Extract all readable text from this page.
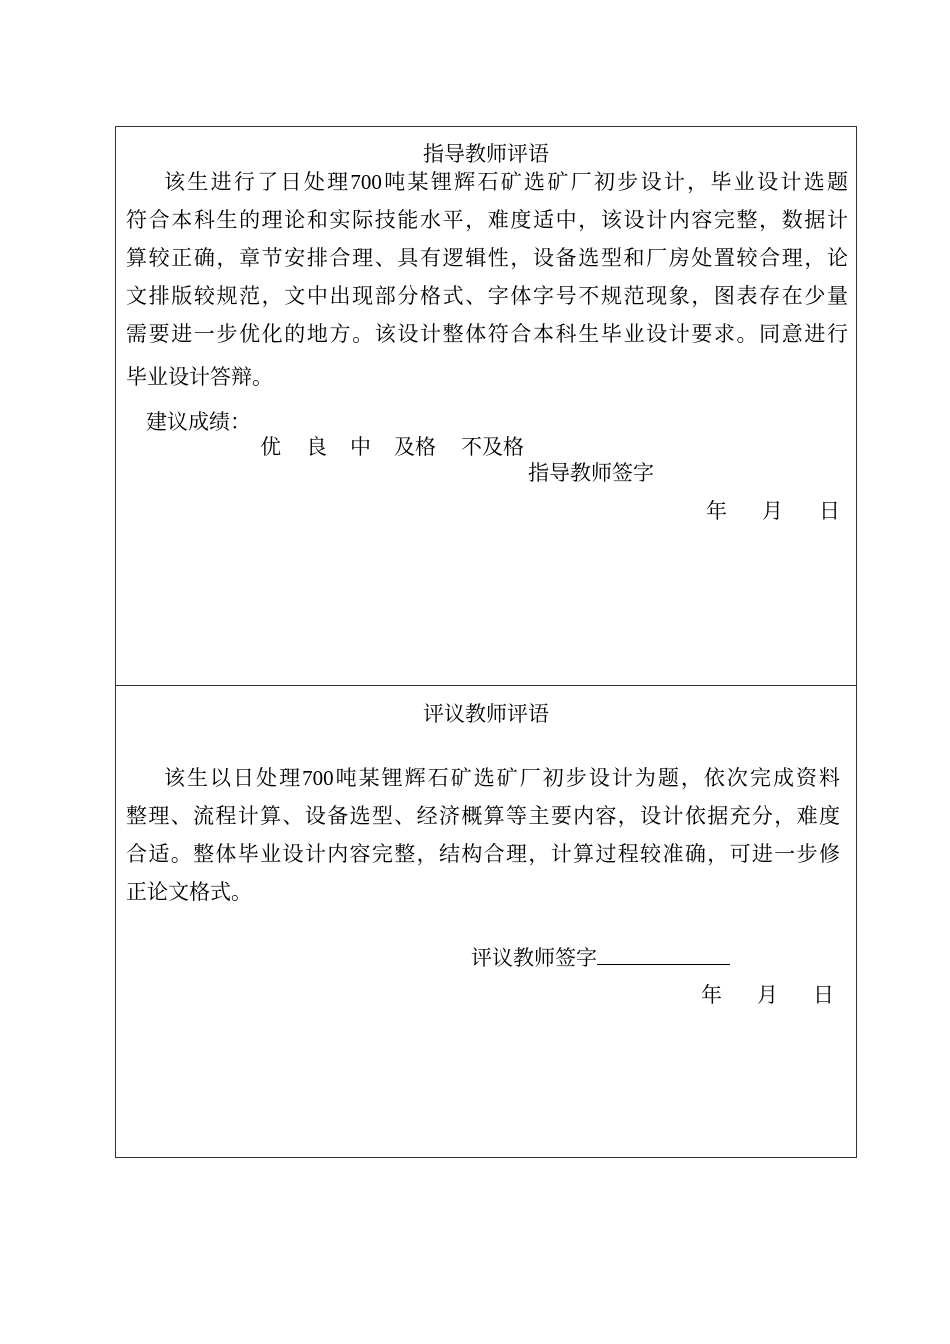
指导教师评语
该生进行了日处理700吨某锂辉石矿选矿厂初步设计，毕业设计选题
符合本科生的理论和实际技能水平，难度适中，该设计内容完整，数据计
算较正确，章节安排合理、具有逻辑性，设备选型和厂房处置较合理，论
文排版较规范，文中出现部分格式、字体字号不规范现象，图表存在少量
需要进一步优化的地方。该设计整体符合本科生毕业设计要求。同意进行
毕业设计答辩。
建议成绩：
优 良 中 及格 不及格
指导教师签字
年 月 日
评议教师评语
该生以日处理700吨某锂辉石矿选矿厂初步设计为题，依次完成资料
整理、流程计算、设备选型、经济概算等主要内容，设计依据充分，难度
合适。整体毕业设计内容完整，结构合理，计算过程较准确，可进一步修
正论文格式。
评议教师签字
年 月 日
